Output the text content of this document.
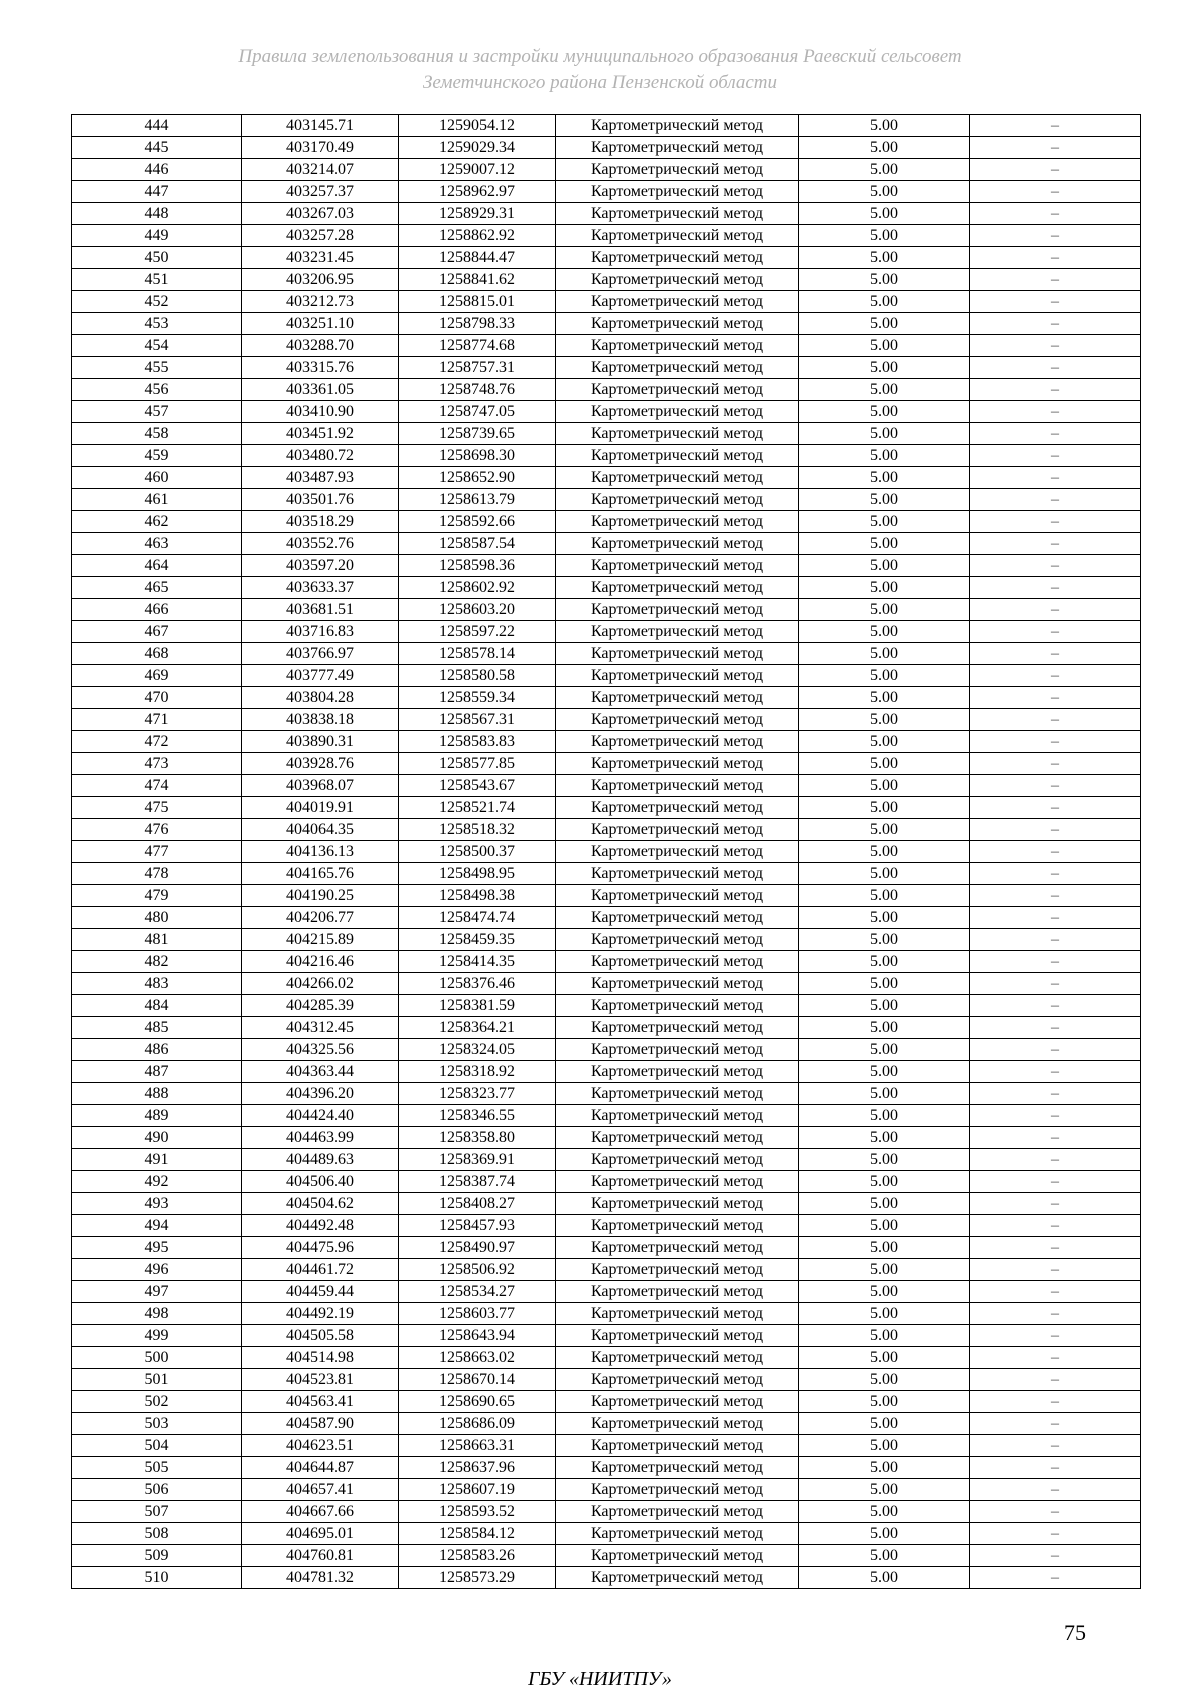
Правила землепользования и застройки муниципального образования Раевский сельсовет
Земетчинского района Пензенской области
444	403145.71	1259054.12	Картометрический метод	5.00	–
445	403170.49	1259029.34	Картометрический метод	5.00	–
446	403214.07	1259007.12	Картометрический метод	5.00	–
447	403257.37	1258962.97	Картометрический метод	5.00	–
448	403267.03	1258929.31	Картометрический метод	5.00	–
449	403257.28	1258862.92	Картометрический метод	5.00	–
450	403231.45	1258844.47	Картометрический метод	5.00	–
451	403206.95	1258841.62	Картометрический метод	5.00	–
452	403212.73	1258815.01	Картометрический метод	5.00	–
453	403251.10	1258798.33	Картометрический метод	5.00	–
454	403288.70	1258774.68	Картометрический метод	5.00	–
455	403315.76	1258757.31	Картометрический метод	5.00	–
456	403361.05	1258748.76	Картометрический метод	5.00	–
457	403410.90	1258747.05	Картометрический метод	5.00	–
458	403451.92	1258739.65	Картометрический метод	5.00	–
459	403480.72	1258698.30	Картометрический метод	5.00	–
460	403487.93	1258652.90	Картометрический метод	5.00	–
461	403501.76	1258613.79	Картометрический метод	5.00	–
462	403518.29	1258592.66	Картометрический метод	5.00	–
463	403552.76	1258587.54	Картометрический метод	5.00	–
464	403597.20	1258598.36	Картометрический метод	5.00	–
465	403633.37	1258602.92	Картометрический метод	5.00	–
466	403681.51	1258603.20	Картометрический метод	5.00	–
467	403716.83	1258597.22	Картометрический метод	5.00	–
468	403766.97	1258578.14	Картометрический метод	5.00	–
469	403777.49	1258580.58	Картометрический метод	5.00	–
470	403804.28	1258559.34	Картометрический метод	5.00	–
471	403838.18	1258567.31	Картометрический метод	5.00	–
472	403890.31	1258583.83	Картометрический метод	5.00	–
473	403928.76	1258577.85	Картометрический метод	5.00	–
474	403968.07	1258543.67	Картометрический метод	5.00	–
475	404019.91	1258521.74	Картометрический метод	5.00	–
476	404064.35	1258518.32	Картометрический метод	5.00	–
477	404136.13	1258500.37	Картометрический метод	5.00	–
478	404165.76	1258498.95	Картометрический метод	5.00	–
479	404190.25	1258498.38	Картометрический метод	5.00	–
480	404206.77	1258474.74	Картометрический метод	5.00	–
481	404215.89	1258459.35	Картометрический метод	5.00	–
482	404216.46	1258414.35	Картометрический метод	5.00	–
483	404266.02	1258376.46	Картометрический метод	5.00	–
484	404285.39	1258381.59	Картометрический метод	5.00	–
485	404312.45	1258364.21	Картометрический метод	5.00	–
486	404325.56	1258324.05	Картометрический метод	5.00	–
487	404363.44	1258318.92	Картометрический метод	5.00	–
488	404396.20	1258323.77	Картометрический метод	5.00	–
489	404424.40	1258346.55	Картометрический метод	5.00	–
490	404463.99	1258358.80	Картометрический метод	5.00	–
491	404489.63	1258369.91	Картометрический метод	5.00	–
492	404506.40	1258387.74	Картометрический метод	5.00	–
493	404504.62	1258408.27	Картометрический метод	5.00	–
494	404492.48	1258457.93	Картометрический метод	5.00	–
495	404475.96	1258490.97	Картометрический метод	5.00	–
496	404461.72	1258506.92	Картометрический метод	5.00	–
497	404459.44	1258534.27	Картометрический метод	5.00	–
498	404492.19	1258603.77	Картометрический метод	5.00	–
499	404505.58	1258643.94	Картометрический метод	5.00	–
500	404514.98	1258663.02	Картометрический метод	5.00	–
501	404523.81	1258670.14	Картометрический метод	5.00	–
502	404563.41	1258690.65	Картометрический метод	5.00	–
503	404587.90	1258686.09	Картометрический метод	5.00	–
504	404623.51	1258663.31	Картометрический метод	5.00	–
505	404644.87	1258637.96	Картометрический метод	5.00	–
506	404657.41	1258607.19	Картометрический метод	5.00	–
507	404667.66	1258593.52	Картометрический метод	5.00	–
508	404695.01	1258584.12	Картометрический метод	5.00	–
509	404760.81	1258583.26	Картометрический метод	5.00	–
510	404781.32	1258573.29	Картометрический метод	5.00	–
75
ГБУ «НИИТПУ»
